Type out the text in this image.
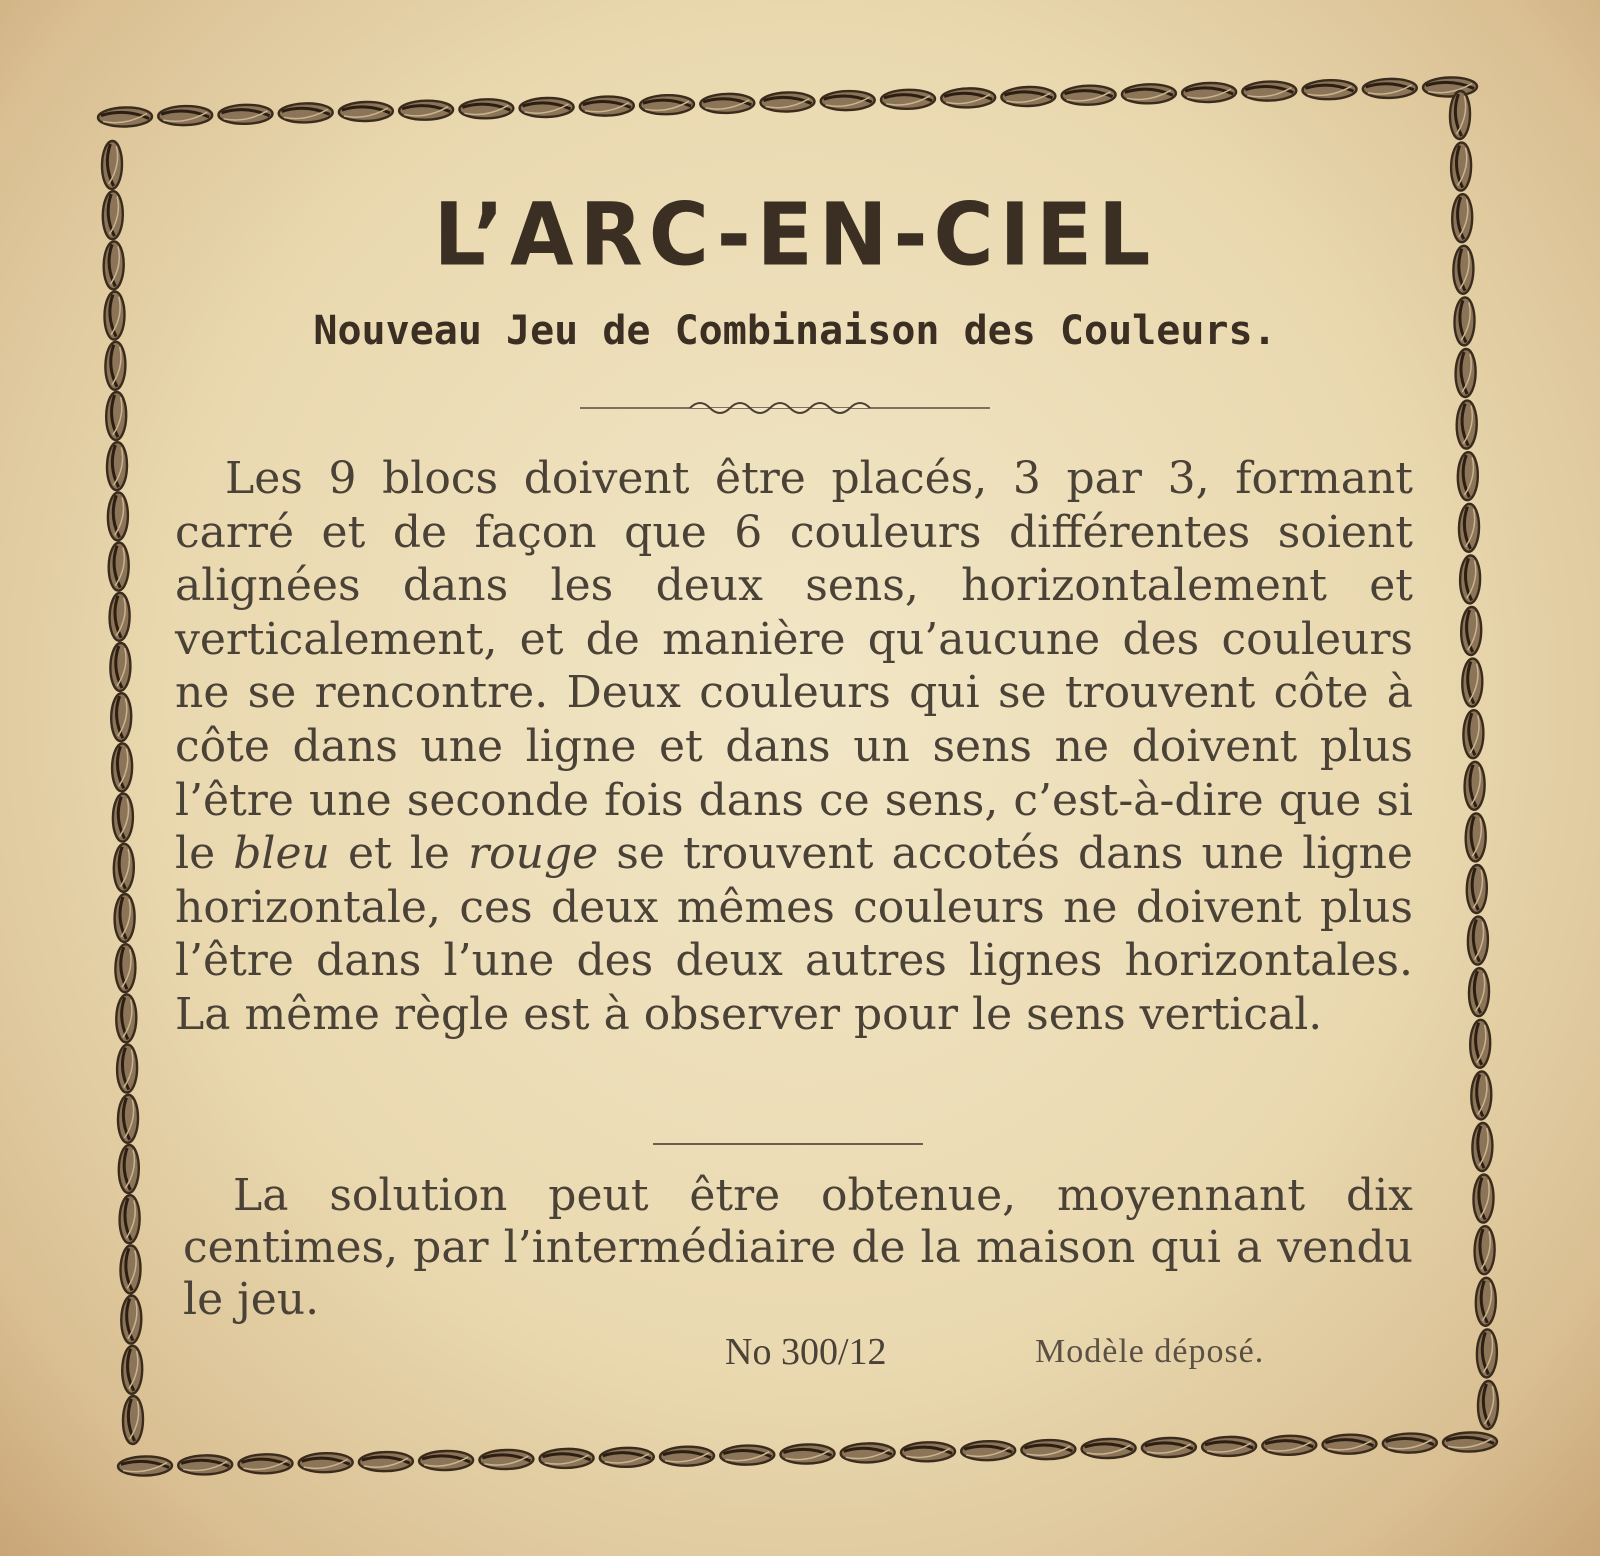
L’ARC-EN-CIEL
Nouveau Jeu de Combinaison des Couleurs.

Les 9 blocs doivent être placés, 3 par 3, formant carré et de façon que 6 couleurs différentes soient alignées dans les deux sens, horizontalement et verticalement, et de manière qu’aucune des couleurs ne se rencontre. Deux couleurs qui se trouvent côte à côte dans une ligne et dans un sens ne doivent plus l’être une seconde fois dans ce sens, c’est-à-dire que si le bleu et le rouge se trouvent accotés dans une ligne horizontale, ces deux mêmes couleurs ne doivent plus l’être dans l’une des deux autres lignes horizontales. La même règle est à observer pour le sens vertical.

La solution peut être obtenue, moyennant dix centimes, par l’intermédiaire de la maison qui a vendu le jeu.

No 300/12	Modèle déposé.
